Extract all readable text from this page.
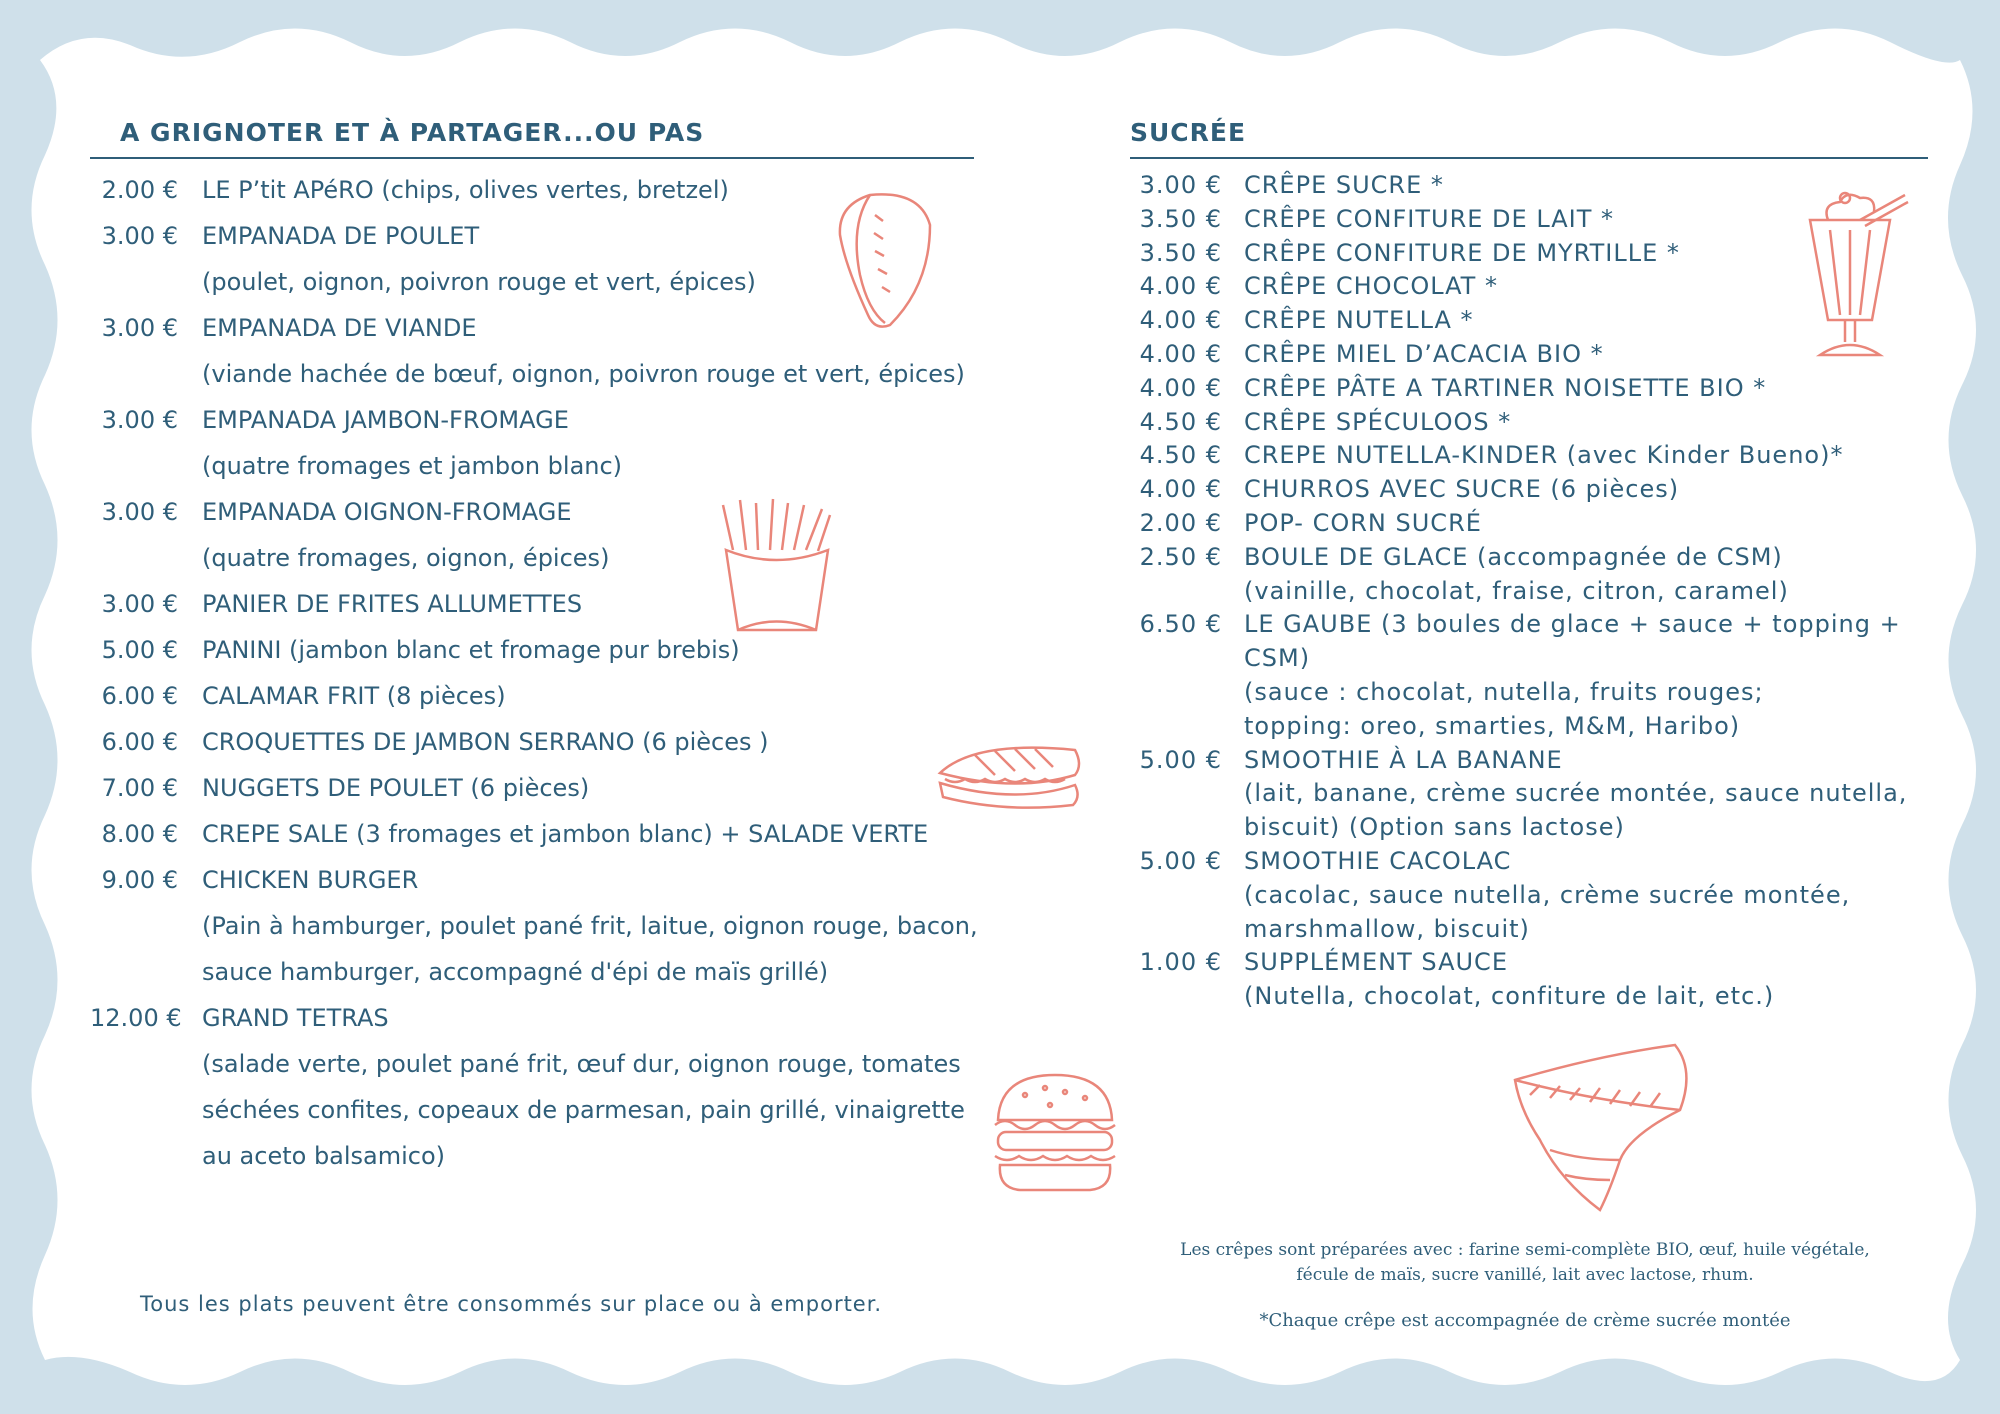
A GRIGNOTER ET À PARTAGER...OU PAS
2.00 € LE P’tit APéRO (chips, olives vertes, bretzel)
3.00 € EMPANADA DE POULET
(poulet, oignon, poivron rouge et vert, épices)
3.00 € EMPANADA DE VIANDE
(viande hachée de bœuf, oignon, poivron rouge et vert, épices)
3.00 € EMPANADA JAMBON-FROMAGE
(quatre fromages et jambon blanc)
3.00 € EMPANADA OIGNON-FROMAGE
(quatre fromages, oignon, épices)
3.00 € PANIER DE FRITES ALLUMETTES
5.00 € PANINI (jambon blanc et fromage pur brebis)
6.00 € CALAMAR FRIT (8 pièces)
6.00 € CROQUETTES DE JAMBON SERRANO (6 pièces )
7.00 € NUGGETS DE POULET (6 pièces)
8.00 € CREPE SALE (3 fromages et jambon blanc) + SALADE VERTE
9.00 € CHICKEN BURGER
(Pain à hamburger, poulet pané frit, laitue, oignon rouge, bacon,
sauce hamburger, accompagné d'épi de maïs grillé)
12.00 € GRAND TETRAS
(salade verte, poulet pané frit, œuf dur, oignon rouge, tomates
séchées confites, copeaux de parmesan, pain grillé, vinaigrette
au aceto balsamico)
SUCRÉE
3.00 € CRÊPE SUCRE *
3.50 € CRÊPE CONFITURE DE LAIT *
3.50 € CRÊPE CONFITURE DE MYRTILLE *
4.00 € CRÊPE CHOCOLAT *
4.00 € CRÊPE NUTELLA *
4.00 € CRÊPE MIEL D’ACACIA BIO *
4.00 € CRÊPE PÂTE A TARTINER NOISETTE BIO *
4.50 € CRÊPE SPÉCULOOS *
4.50 € CREPE NUTELLA-KINDER (avec Kinder Bueno)*
4.00 € CHURROS AVEC SUCRE (6 pièces)
2.00 € POP- CORN SUCRÉ
2.50 € BOULE DE GLACE (accompagnée de CSM)
(vainille, chocolat, fraise, citron, caramel)
6.50 € LE GAUBE (3 boules de glace + sauce + topping +
CSM)
(sauce : chocolat, nutella, fruits rouges;
topping: oreo, smarties, M&M, Haribo)
5.00 € SMOOTHIE À LA BANANE
(lait, banane, crème sucrée montée, sauce nutella,
biscuit) (Option sans lactose)
5.00 € SMOOTHIE CACOLAC
(cacolac, sauce nutella, crème sucrée montée,
marshmallow, biscuit)
1.00 € SUPPLÉMENT SAUCE
(Nutella, chocolat, confiture de lait, etc.)
Tous les plats peuvent être consommés sur place ou à emporter.
Les crêpes sont préparées avec : farine semi-complète BIO, œuf, huile végétale,
fécule de maïs, sucre vanillé, lait avec lactose, rhum.
*Chaque crêpe est accompagnée de crème sucrée montée
